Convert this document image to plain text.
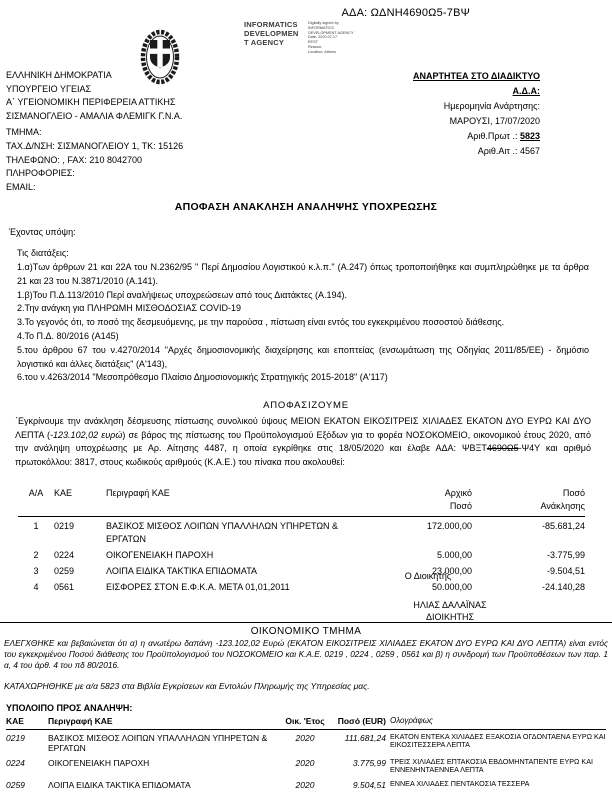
ΑΔΑ: ΩΔΝΗ4690Ω5-7ΒΨ
INFORMATICS
DEVELOPMEN
T AGENCY
Digitally signed by
INFORMATICS
DEVELOPMENT AGENCY
Date: 2020.07.17
EEST
Reason:
Location: Athens
ΕΛΛΗΝΙΚΗ ΔΗΜΟΚΡΑΤΙΑ
ΥΠΟΥΡΓΕΙΟ ΥΓΕΙΑΣ
Α΄ ΥΓΕΙΟΝΟΜΙΚΗ ΠΕΡΙΦΕΡΕΙΑ ΑΤΤΙΚΗΣ
ΣΙΣΜΑΝΟΓΛΕΙΟ - ΑΜΑΛΙΑ ΦΛΕΜΙΓΚ Γ.Ν.Α.
ΤΜΗΜΑ:
ΤΑΧ.Δ/ΝΣΗ: ΣΙΣΜΑΝΟΓΛΕΙΟΥ 1, ΤΚ: 15126
ΤΗΛΕΦΩΝΟ: , FAX: 210 8042700
ΠΛΗΡΟΦΟΡΙΕΣ:
EMAIL:
ΑΝΑΡΤΗΤΕΑ ΣΤΟ ΔΙΑΔΙΚΤΥΟ
Α.Δ.Α:
Ημερομηνία Ανάρτησης:
ΜΑΡΟΥΣΙ, 17/07/2020
Αριθ.Πρωτ .: 5823
Αριθ.Αιτ .: 4567
ΑΠΟΦΑΣΗ ΑΝΑΚΛΗΣΗ ΑΝΑΛΗΨΗΣ ΥΠΟΧΡΕΩΣΗΣ
Έχοντας υπόψη:
Τις διατάξεις:
1.α)Των άρθρων 21 και 22Α του Ν.2362/95 " Περί Δημοσίου Λογιστικού κ.λ.π." (Α.247) όπως τροποποιήθηκε και συμπληρώθηκε με τα άρθρα 21 και 23 του Ν.3871/2010 (Α.141).
1.β)Του Π.Δ.113/2010 Περί αναλήψεως υποχρεώσεων από τους Διατάκτες (Α.194).
2.Την ανάγκη για ΠΛΗΡΩΜΗ ΜΙΣΘΟΔΟΣΙΑΣ COVID-19
3.Το γεγονός ότι, το ποσό της δεσμευόμενης, με την παρούσα , πίστωση είναι εντός του εγκεκριμένου ποσοστού διάθεσης.
4.Το Π.Δ. 80/2016 (Α145)
5.του άρθρου 67 του ν.4270/2014 "Αρχές δημοσιονομικής διαχείρησης και εποπτείας (ενσωμάτωση της Οδηγίας 2011/85/ΕΕ) - δημόσιο λογιστικό και άλλες διατάξεις" (Α'143),
6.του ν.4263/2014 "Μεσοπρόθεσμο Πλαίσιο Δημοσιονομικής Στρατηγικής 2015-2018" (Α'117)
ΑΠΟΦΑΣΙΖΟΥΜΕ
΄Εγκρίνουμε την ανάκληση δέσμευσης πίστωσης συνολικού ύψους ΜΕΙΟΝ ΕΚΑΤΟΝ ΕΙΚΟΣΙΤΡΕΙΣ ΧΙΛΙΑΔΕΣ ΕΚΑΤΟΝ ΔΥΟ ΕΥΡΩ ΚΑΙ ΔΥΟ ΛΕΠΤΑ (-123.102,02 ευρώ) σε βάρος της πίστωσης του Προϋπολογισμού Εξόδων για το φορέα ΝΟΣΟΚΟΜΕΙΟ, οικονομικού έτους 2020, από την ανάληψη υποχρέωσης με Αρ. Αίτησης 4487, η οποία εγκρίθηκε στις 18/05/2020 και έλαβε ΑΔΑ: ΨΒΞΤ4690Ω5-Ψ4Υ και αριθμό πρωτοκόλλου: 3817, στους κωδικούς αριθμούς (Κ.Α.Ε.) του πίνακα που ακολουθεί:
Α/Α	ΚΑΕ	Περιγραφή ΚΑΕ	Αρχικό
Ποσό

Ποσό
Ανάκλησης

1	0219	ΒΑΣΙΚΟΣ ΜΙΣΘΟΣ ΛΟΙΠΩΝ ΥΠΑΛΛΗΛΩΝ ΥΠΗΡΕΤΩΝ & ΕΡΓΑΤΩΝ	172.000,00	-85.681,24
2	0224	ΟΙΚΟΓΕΝΕΙΑΚΗ ΠΑΡΟΧΗ	5.000,00	-3.775,99
3	0259	ΛΟΙΠΑ ΕΙΔΙΚΑ ΤΑΚΤΙΚΑ ΕΠΙΔΟΜΑΤΑ	23.000,00	-9.504,51
4	0561	ΕΙΣΦΟΡΕΣ ΣΤΟΝ Ε.Φ.Κ.Α. ΜΕΤΑ 01,01,2011	50.000,00	-24.140,28
Ο Διοικητής
ΗΛΙΑΣ ΔΑΛΑΪΝΑΣ
ΔΙΟΙΚΗΤΗΣ
ΟΙΚΟΝΟΜΙΚΟ ΤΜΗΜΑ
ΕΛΕΓΧΘΗΚΕ και βεβαιώνεται ότι α) η ανωτέρω δαπάνη -123.102,02 Ευρώ (ΕΚΑΤΟΝ ΕΙΚΟΣΙΤΡΕΙΣ ΧΙΛΙΑΔΕΣ ΕΚΑΤΟΝ ΔΥΟ ΕΥΡΩ ΚΑΙ ΔΥΟ ΛΕΠΤΑ) είναι εντός του εγκεκριμένου Ποσού διάθεσης του Προϋπολογισμού του ΝΟΣΟΚΟΜΕΙΟ και Κ.Α.Ε. 0219 , 0224 , 0259 , 0561 και β) η συνδρομή των Προϋποθέσεων των παρ. 1 α, 4 του άρθ. 4 του πδ 80/2016.
ΚΑΤΑΧΩΡΗΘΗΚΕ με α/α 5823 στα Βιβλία Εγκρίσεων και Εντολών Πληρωμής της Υπηρεσίας μας.
ΥΠΟΛΟΙΠΟ ΠΡΟΣ ΑΝΑΛΗΨΗ:
ΚΑΕ	Περιγραφή ΚΑΕ	Οικ. 'Ετος	Ποσό (EUR)	Ολογράφως
0219	ΒΑΣΙΚΟΣ ΜΙΣΘΟΣ ΛΟΙΠΩΝ ΥΠΑΛΛΗΛΩΝ ΥΠΗΡΕΤΩΝ & ΕΡΓΑΤΩΝ	2020	111.681,24	ΕΚΑΤΟΝ ΕΝΤΕΚΑ ΧΙΛΙΑΔΕΣ ΕΞΑΚΟΣΙΑ ΟΓΔΟΝΤΑΕΝΑ ΕΥΡΩ ΚΑΙ ΕΙΚΟΣΙΤΕΣΣΕΡΑ ΛΕΠΤΑ
0224	ΟΙΚΟΓΕΝΕΙΑΚΗ ΠΑΡΟΧΗ	2020	3.775,99	ΤΡΕΙΣ ΧΙΛΙΑΔΕΣ ΕΠΤΑΚΟΣΙΑ ΕΒΔΟΜΗΝΤΑΠΕΝΤΕ ΕΥΡΩ ΚΑΙ ΕΝΝΕΝΗΝΤΑΕΝΝΕΑ ΛΕΠΤΑ
0259	ΛΟΙΠΑ ΕΙΔΙΚΑ ΤΑΚΤΙΚΑ ΕΠΙΔΟΜΑΤΑ	2020	9.504,51	ΕΝΝΕΑ ΧΙΛΙΑΔΕΣ ΠΕΝΤΑΚΟΣΙΑ ΤΕΣΣΕΡΑ
